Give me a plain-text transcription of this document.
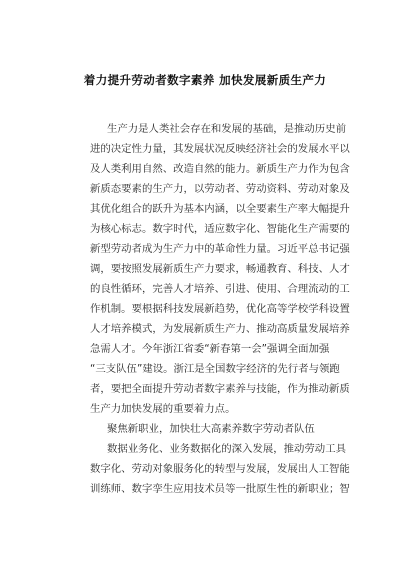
着力提升劳动者数字素养 加快发展新质生产力
生产力是人类社会存在和发展的基础，是推动历史前
进的决定性力量，其发展状况反映经济社会的发展水平以
及人类利用自然、改造自然的能力。新质生产力作为包含
新质态要素的生产力，以劳动者、劳动资料、劳动对象及
其优化组合的跃升为基本内涵，以全要素生产率大幅提升
为核心标志。数字时代，适应数字化、智能化生产需要的
新型劳动者成为生产力中的革命性力量。习近平总书记强
调，要按照发展新质生产力要求，畅通教育、科技、人才
的良性循环，完善人才培养、引进、使用、合理流动的工
作机制。要根据科技发展新趋势，优化高等学校学科设置
人才培养模式，为发展新质生产力、推动高质量发展培养
急需人才。今年浙江省委“新春第一会”强调全面加强
“三支队伍”建设。浙江是全国数字经济的先行者与领跑
者，要把全面提升劳动者数字素养与技能，作为推动新质
生产力加快发展的重要着力点。
聚焦新职业，加快壮大高素养数字劳动者队伍
数据业务化、业务数据化的深入发展，推动劳动工具
数字化、劳动对象服务化的转型与发展，发展出人工智能
训练师、数字孪生应用技术员等一批原生性的新职业；智
